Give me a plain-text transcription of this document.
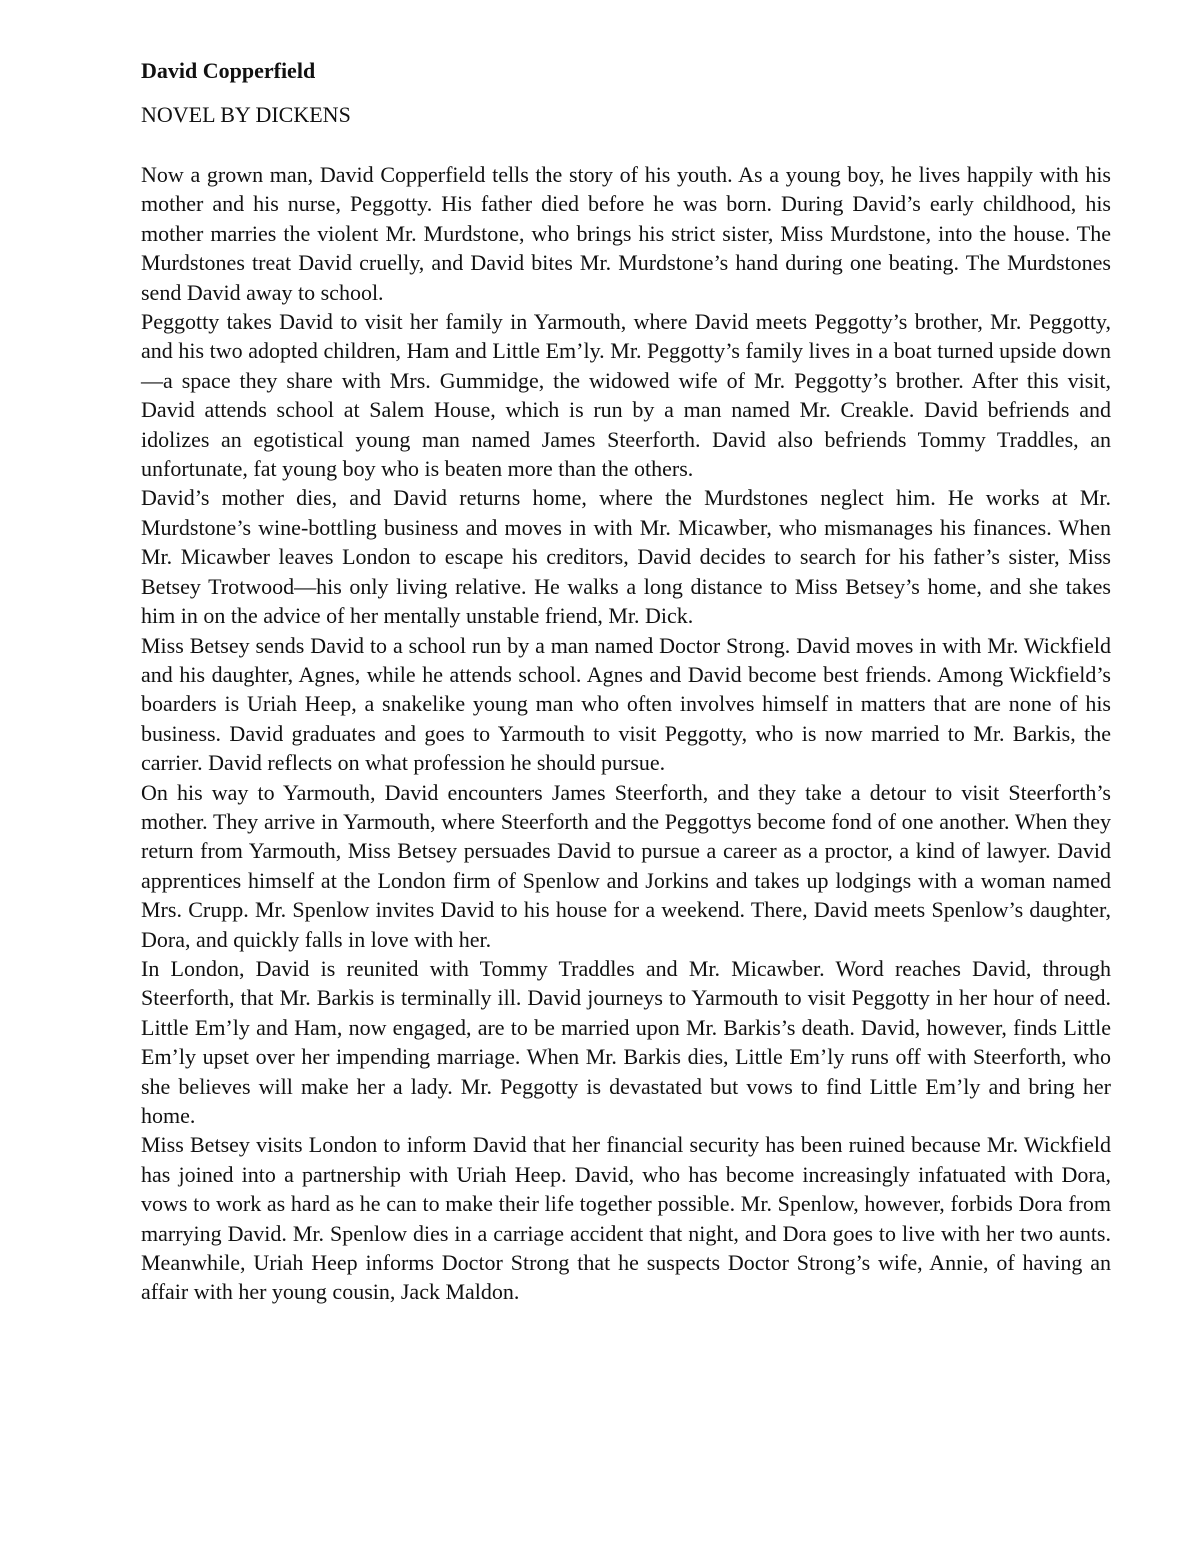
David Copperfield
NOVEL BY DICKENS

Now a grown man, David Copperfield tells the story of his youth. As a young boy, he lives happily with his mother and his nurse, Peggotty. His father died before he was born. During David’s early childhood, his mother marries the violent Mr. Murdstone, who brings his strict sister, Miss Murdstone, into the house. The Murdstones treat David cruelly, and David bites Mr. Murdstone’s hand during one beating. The Murdstones send David away to school.

Peggotty takes David to visit her family in Yarmouth, where David meets Peggotty’s brother, Mr. Peggotty, and his two adopted children, Ham and Little Em’ly. Mr. Peggotty’s family lives in a boat turned upside down—a space they share with Mrs. Gummidge, the widowed wife of Mr. Peggotty’s brother. After this visit, David attends school at Salem House, which is run by a man named Mr. Creakle. David befriends and idolizes an egotistical young man named James Steerforth. David also befriends Tommy Traddles, an unfortunate, fat young boy who is beaten more than the others.

David’s mother dies, and David returns home, where the Murdstones neglect him. He works at Mr. Murdstone’s wine-bottling business and moves in with Mr. Micawber, who mismanages his finances. When Mr. Micawber leaves London to escape his creditors, David decides to search for his father’s sister, Miss Betsey Trotwood—his only living relative. He walks a long distance to Miss Betsey’s home, and she takes him in on the advice of her mentally unstable friend, Mr. Dick.

Miss Betsey sends David to a school run by a man named Doctor Strong. David moves in with Mr. Wickfield and his daughter, Agnes, while he attends school. Agnes and David become best friends. Among Wickfield’s boarders is Uriah Heep, a snakelike young man who often involves himself in matters that are none of his business. David graduates and goes to Yarmouth to visit Peggotty, who is now married to Mr. Barkis, the carrier. David reflects on what profession he should pursue.

On his way to Yarmouth, David encounters James Steerforth, and they take a detour to visit Steerforth’s mother. They arrive in Yarmouth, where Steerforth and the Peggottys become fond of one another. When they return from Yarmouth, Miss Betsey persuades David to pursue a career as a proctor, a kind of lawyer. David apprentices himself at the London firm of Spenlow and Jorkins and takes up lodgings with a woman named Mrs. Crupp. Mr. Spenlow invites David to his house for a weekend. There, David meets Spenlow’s daughter, Dora, and quickly falls in love with her.

In London, David is reunited with Tommy Traddles and Mr. Micawber. Word reaches David, through Steerforth, that Mr. Barkis is terminally ill. David journeys to Yarmouth to visit Peggotty in her hour of need. Little Em’ly and Ham, now engaged, are to be married upon Mr. Barkis’s death. David, however, finds Little Em’ly upset over her impending marriage. When Mr. Barkis dies, Little Em’ly runs off with Steerforth, who she believes will make her a lady. Mr. Peggotty is devastated but vows to find Little Em’ly and bring her home.

Miss Betsey visits London to inform David that her financial security has been ruined because Mr. Wickfield has joined into a partnership with Uriah Heep. David, who has become increasingly infatuated with Dora, vows to work as hard as he can to make their life together possible. Mr. Spenlow, however, forbids Dora from marrying David. Mr. Spenlow dies in a carriage accident that night, and Dora goes to live with her two aunts. Meanwhile, Uriah Heep informs Doctor Strong that he suspects Doctor Strong’s wife, Annie, of having an affair with her young cousin, Jack Maldon.
